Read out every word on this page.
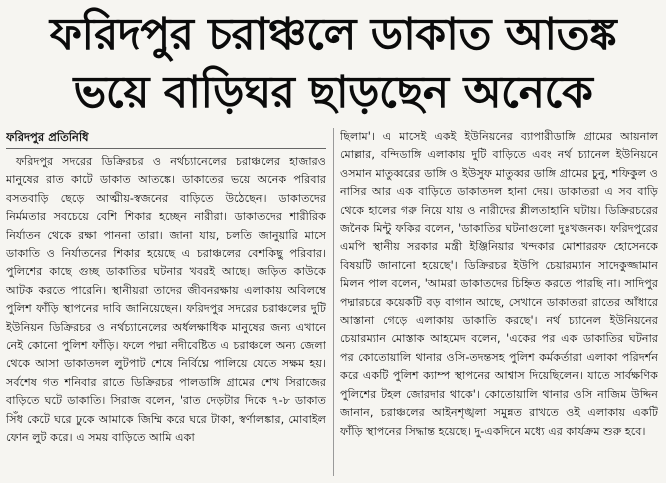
ফরিদপুর চরাঞ্চলে ডাকাত আতঙ্ক
ভয়ে বাড়িঘর ছাড়ছেন অনেকে
ফরিদপুর প্রতিনিধি

ফরিদপুর সদরের ডিক্রিরচর ও নর্থচ্যানেলের চরাঞ্চলের হাজারও মানুষের রাত কাটে ডাকাত আতঙ্কে। ডাকাতের ভয়ে অনেক পরিবার বসতবাড়ি ছেড়ে আত্মীয়-স্বজনের বাড়িতে উঠেছেন। ডাকাতদের নির্মমতার সবচেয়ে বেশি শিকার হচ্ছেন নারীরা। ডাকাতদের শারীরিক নির্যাতন থেকে রক্ষা পাননা তারা। জানা যায়, চলতি জানুয়ারি মাসে ডাকাতি ও নির্যাতনের শিকার হয়েছে এ চরাঞ্চলের বেশকিছু পরিবার। পুলিশের কাছে গুচ্ছ ডাকাতির ঘটনার খবরই আছে। জড়িত কাউকে আটক করতে পারেনি। স্থানীয়রা তাদের জীবনরক্ষায় এলাকায় অবিলম্বে পুলিশ ফাঁড়ি স্থাপনের দাবি জানিয়েছেন। ফরিদপুর সদরের চরাঞ্চলের দুটি ইউনিয়ন ডিক্রিরচর ও নর্থচ্যানেলের অর্ধলক্ষাধিক মানুষের জন্য এখানে নেই কোনো পুলিশ ফাঁড়ি। ফলে পদ্মা নদীবেষ্টিত এ চরাঞ্চলে অন্য জেলা থেকে আসা ডাকাতদল লুটপাট শেষে নির্বিঘ্নে পালিয়ে যেতে সক্ষম হয়। সর্বশেষ গত শনিবার রাতে ডিক্রিরচর পালডাঙ্গি গ্রামের শেখ সিরাজের বাড়িতে ঘটে ডাকাতি। সিরাজ বলেন, 'রাত দেড়টার দিকে ৭-৮ ডাকাত সিঁধ কেটে ঘরে ঢুকে আমাকে জিম্মি করে ঘরে টাকা, স্বর্ণালঙ্কার, মোবাইল ফোন লুট করে। এ সময় বাড়িতে আমি একা

ছিলাম'। এ মাসেই একই ইউনিয়নের ব্যাপারীডাঙ্গি গ্রামের আয়নাল মোল্লার, বন্দিডাঙ্গি এলাকায় দুটি বাড়িতে এবং নর্থ চ্যানেল ইউনিয়নে ওসমান মাতুব্বরের ডাঙ্গি ও ইউসুফ মাতুব্বর ডাঙ্গি গ্রামের চুনু, শফিকুল ও নাসির আর এক বাড়িতে ডাকাতদল হানা দেয়। ডাকাতরা এ সব বাড়ি থেকে হালের গরু নিয়ে যায় ও নারীদের শ্লীলতাহানি ঘটায়। ডিক্রিরচরের জনৈক মিন্টু ফকির বলেন, 'ডাকাতির ঘটনাগুলো দুঃখজনক। ফরিদপুরের এমপি স্থানীয় সরকার মন্ত্রী ইঞ্জিনিয়ার খন্দকার মোশাররফ হোসেনকে বিষয়টি জানানো হয়েছে'। ডিক্রিরচর ইউপি চেয়ারম্যান সাদেকুজ্জামান মিলন পাল বলেন, 'আমরা ডাকাতদের চিহ্নিত করতে পারছি না। সাদিপুর পদ্মারচরে কয়েকটি বড় বাগান আছে, সেখানে ডাকাতরা রাতের আঁধারে আস্তানা গেড়ে এলাকায় ডাকাতি করছে'। নর্থ চ্যানেল ইউনিয়নের চেয়ারম্যান মোস্তাক আহমেদ বলেন, 'একের পর এক ডাকাতির ঘটনার পর কোতোয়ালি থানার ওসি-তদন্তসহ পুলিশ কর্মকর্তারা এলাকা পরিদর্শন করে একটি পুলিশ ক্যাম্প স্থাপনের আশ্বাস দিয়েছিলেন। যাতে সার্বক্ষণিক পুলিশের টহল জোরদার থাকে'। কোতোয়ালি থানার ওসি নাজিম উদ্দিন জানান, চরাঞ্চলের আইনশৃঙ্খলা সমুন্নত রাখতে ওই এলাকায় একটি ফাঁড়ি স্থাপনের সিদ্ধান্ত হয়েছে। দু-একদিনে মধ্যে এর কার্যক্রম শুরু হবে।
